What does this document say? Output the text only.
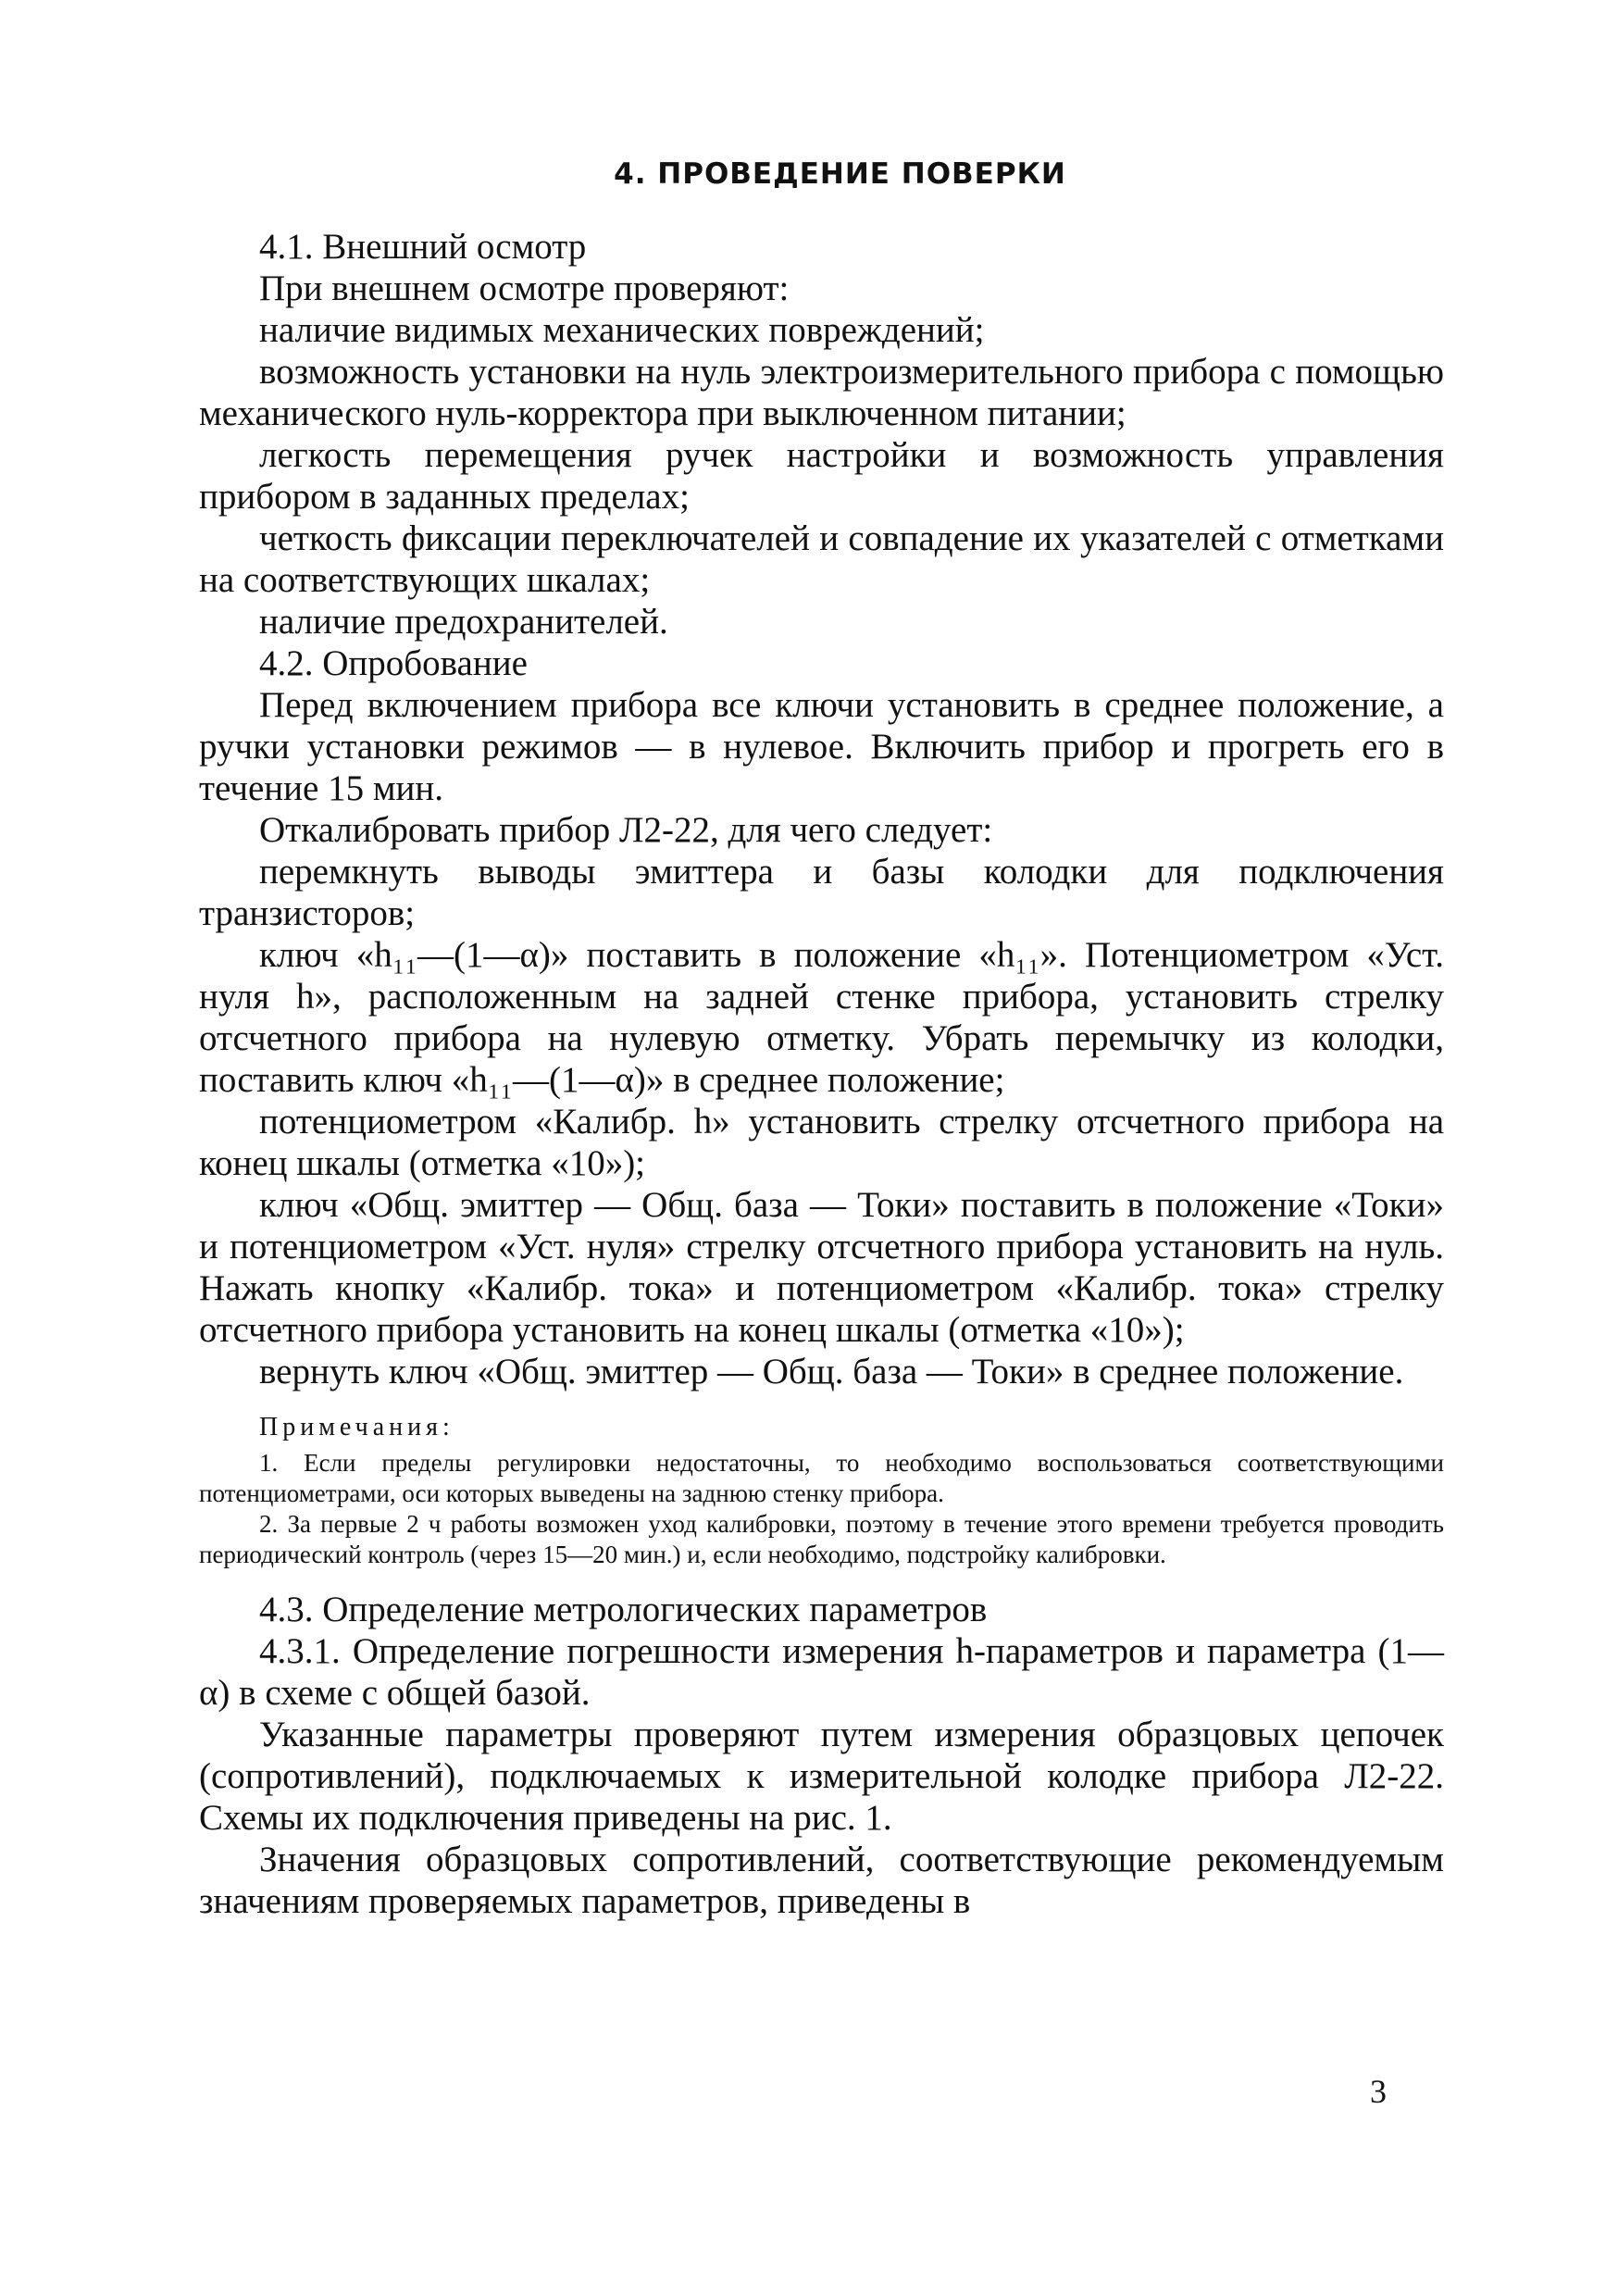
4. ПРОВЕДЕНИЕ ПОВЕРКИ

4.1. Внешний осмотр

При внешнем осмотре проверяют:

наличие видимых механических повреждений;

возможность установки на нуль электроизмерительного прибора с помощью механического нуль-корректора при выключенном питании;

легкость перемещения ручек настройки и возможность управления прибором в заданных пределах;

четкость фиксации переключателей и совпадение их указателей с отметками на соответствующих шкалах;

наличие предохранителей.

4.2. Опробование

Перед включением прибора все ключи установить в среднее положение, а ручки установки режимов — в нулевое. Включить прибор и прогреть его в течение 15 мин.

Откалибровать прибор Л2-22, для чего следует:

перемкнуть выводы эмиттера и базы колодки для подключения транзисторов;

ключ «h₁₁—(1—α)» поставить в положение «h₁₁». Потенциометром «Уст. нуля h», расположенным на задней стенке прибора, установить стрелку отсчетного прибора на нулевую отметку. Убрать перемычку из колодки, поставить ключ «h₁₁—(1—α)» в среднее положение;

потенциометром «Калибр. h» установить стрелку отсчетного прибора на конец шкалы (отметка «10»);

ключ «Общ. эмиттер — Общ. база — Токи» поставить в положение «Токи» и потенциометром «Уст. нуля» стрелку отсчетного прибора установить на нуль. Нажать кнопку «Калибр. тока» и потенциометром «Калибр. тока» стрелку отсчетного прибора установить на конец шкалы (отметка «10»);

вернуть ключ «Общ. эмиттер — Общ. база — Токи» в среднее положение.

Примечания:

1. Если пределы регулировки недостаточны, то необходимо воспользоваться соответствующими потенциометрами, оси которых выведены на заднюю стенку прибора.

2. За первые 2 ч работы возможен уход калибровки, поэтому в течение этого времени требуется проводить периодический контроль (через 15—20 мин.) и, если необходимо, подстройку калибровки.

4.3. Определение метрологических параметров

4.3.1. Определение погрешности измерения h-параметров и параметра (1—α) в схеме с общей базой.

Указанные параметры проверяют путем измерения образцовых цепочек (сопротивлений), подключаемых к измерительной колодке прибора Л2-22. Схемы их подключения приведены на рис. 1.

Значения образцовых сопротивлений, соответствующие рекомендуемым значениям проверяемых параметров, приведены в

3
